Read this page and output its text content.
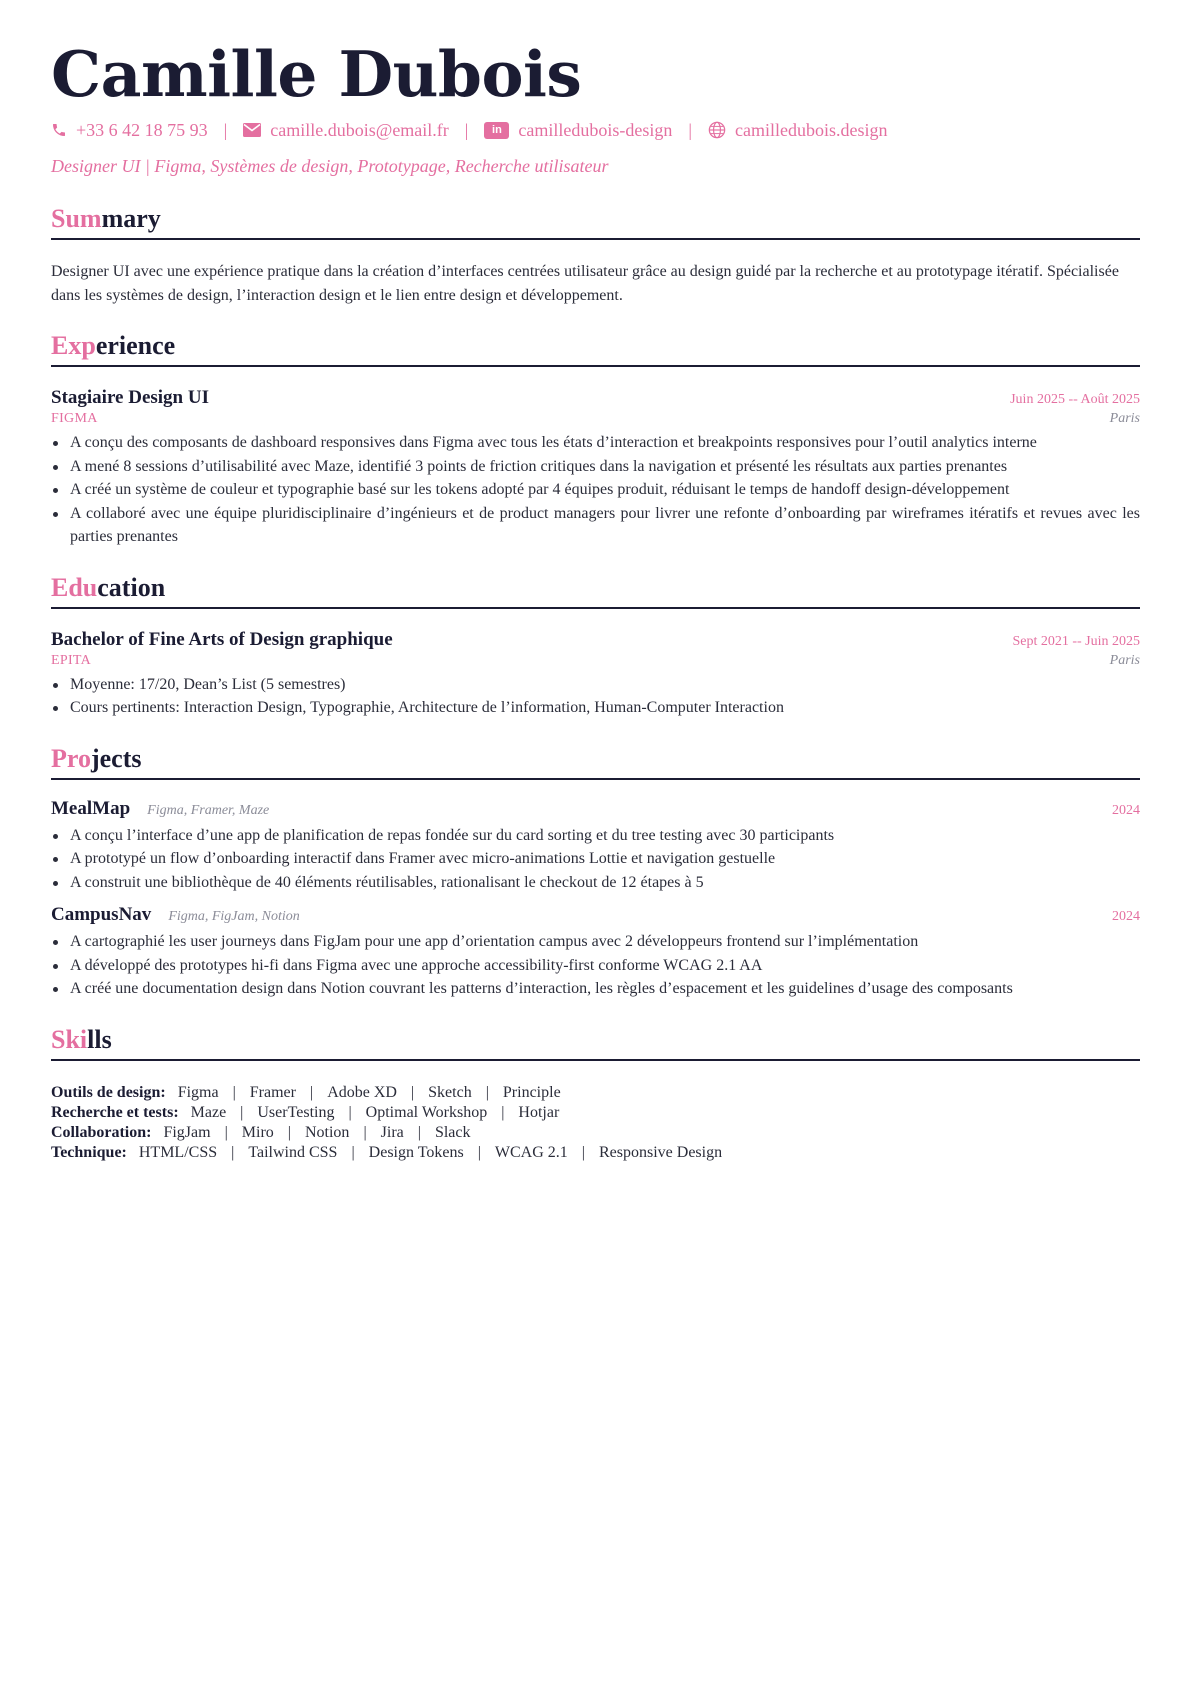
Camille Dubois
+33 6 42 18 75 93 | camille.dubois@email.fr |	in camilledubois-design | camilledubois.design
Designer UI | Figma, Systèmes de design, Prototypage, Recherche utilisateur
Summary

Designer UI avec une expérience pratique dans la création d’interfaces centrées utilisateur grâce au design guidé par la recherche et au prototypage itératif. Spécialisée dans les systèmes de design, l’interaction design et le lien entre design et développement.

Experience
Stagiaire Design UI	Juin 2025 -- Août 2025
FIGMA	Paris
A conçu des composants de dashboard responsives dans Figma avec tous les états d’interaction et breakpoints responsives pour l’outil analytics interne
A mené 8 sessions d’utilisabilité avec Maze, identifié 3 points de friction critiques dans la navigation et présenté les résultats aux parties prenantes
A créé un système de couleur et typographie basé sur les tokens adopté par 4 équipes produit, réduisant le temps de handoff design-développement
A collaboré avec une équipe pluridisciplinaire d’ingénieurs et de product managers pour livrer une refonte d’onboarding par wireframes itératifs et revues avec les parties prenantes
Education
Bachelor of Fine Arts of Design graphique	Sept 2021 -- Juin 2025
EPITA	Paris
Moyenne: 17/20, Dean’s List (5 semestres)
Cours pertinents: Interaction Design, Typographie, Architecture de l’information, Human-Computer Interaction
Projects
MealMap Figma, Framer, Maze	2024
A conçu l’interface d’une app de planification de repas fondée sur du card sorting et du tree testing avec 30 participants
A prototypé un flow d’onboarding interactif dans Framer avec micro-animations Lottie et navigation gestuelle
A construit une bibliothèque de 40 éléments réutilisables, rationalisant le checkout de 12 étapes à 5
CampusNav Figma, FigJam, Notion	2024
A cartographié les user journeys dans FigJam pour une app d’orientation campus avec 2 développeurs frontend sur l’implémentation
A développé des prototypes hi-fi dans Figma avec une approche accessibility-first conforme WCAG 2.1 AA
A créé une documentation design dans Notion couvrant les patterns d’interaction, les règles d’espacement et les guidelines d’usage des composants
Skills
Outils de design: Figma | Framer | Adobe XD | Sketch | Principle
Recherche et tests: Maze | UserTesting | Optimal Workshop | Hotjar
Collaboration: FigJam | Miro | Notion | Jira | Slack
Technique: HTML/CSS | Tailwind CSS | Design Tokens | WCAG 2.1 | Responsive Design
